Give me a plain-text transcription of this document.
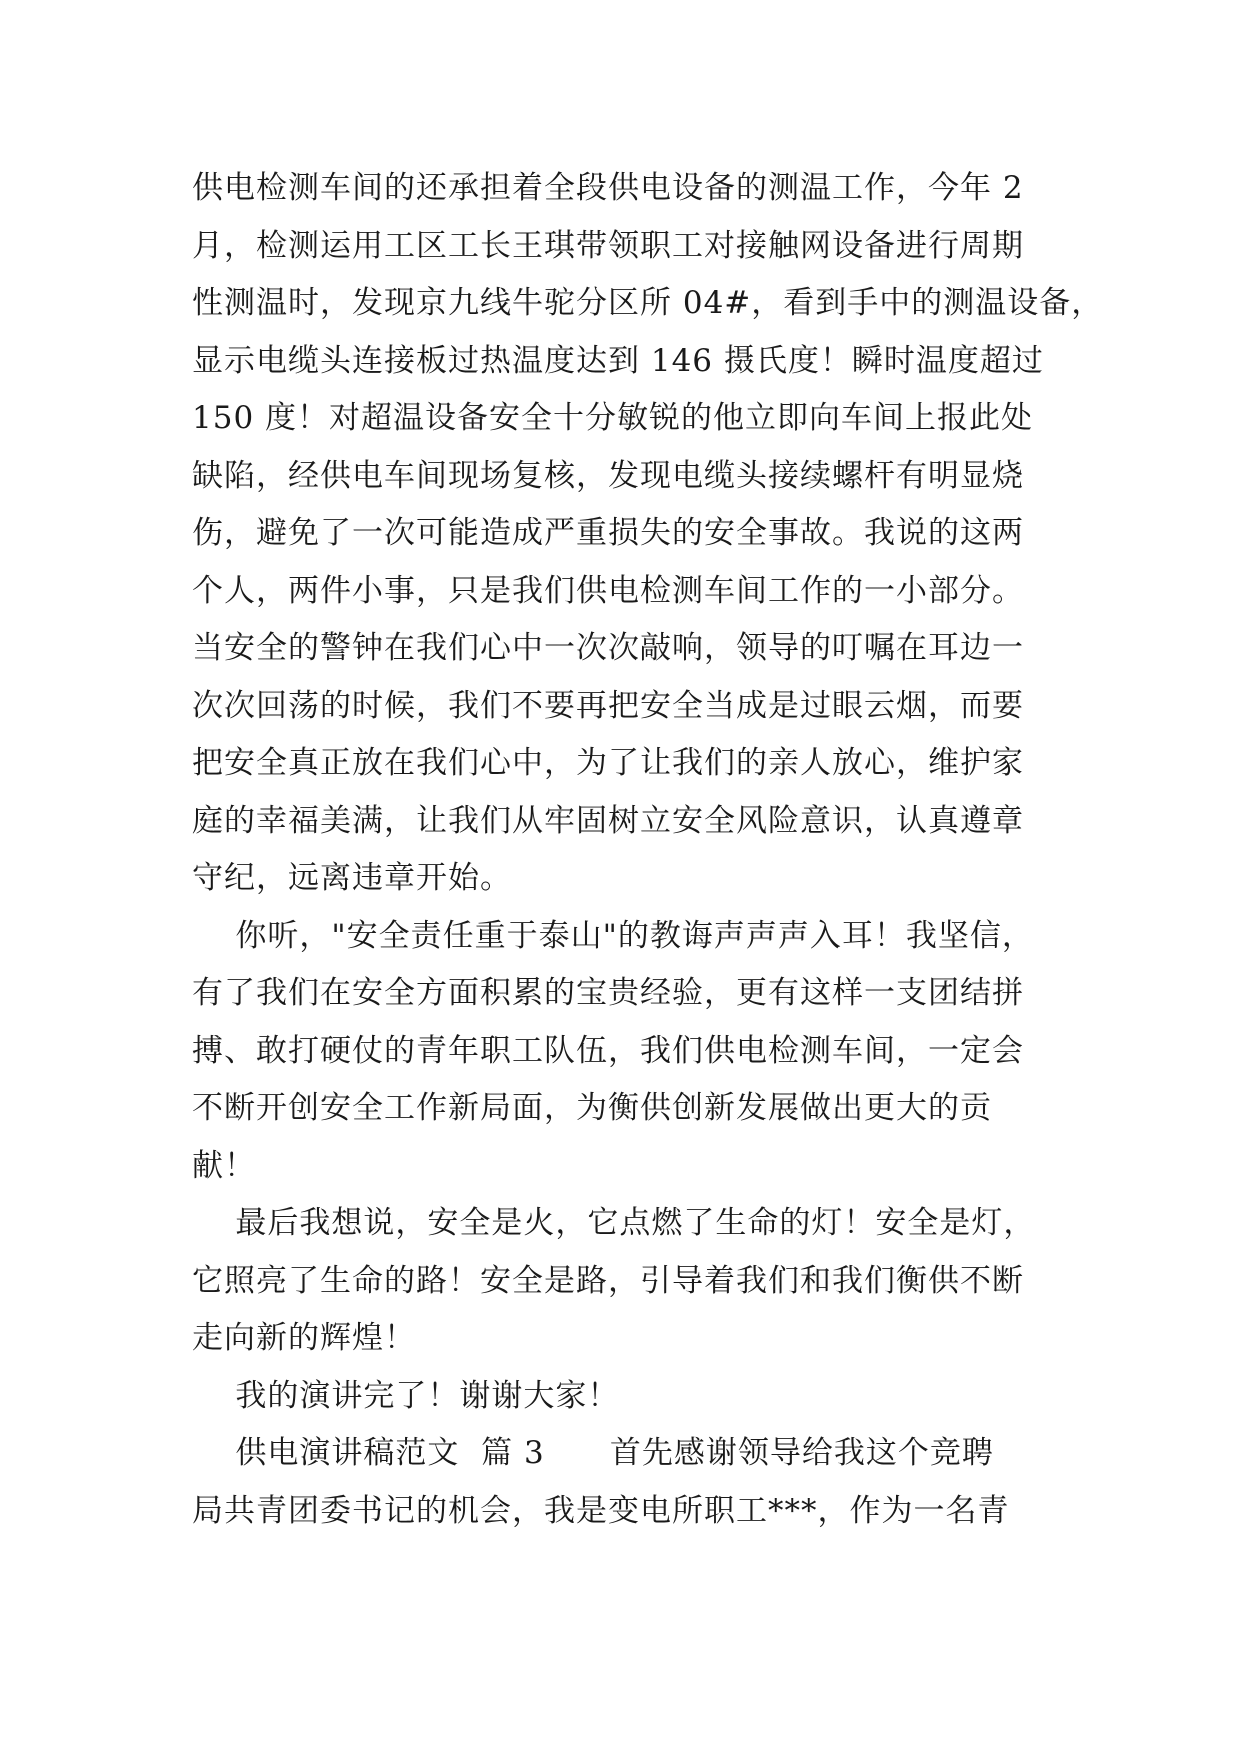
供电检测车间的还承担着全段供电设备的测温工作，今年 2

月，检测运用工区工长王琪带领职工对接触网设备进行周期

性测温时，发现京九线牛驼分区所 04#，看到手中的测温设备，

显示电缆头连接板过热温度达到 146 摄氏度！瞬时温度超过

150 度！对超温设备安全十分敏锐的他立即向车间上报此处

缺陷，经供电车间现场复核，发现电缆头接续螺杆有明显烧

伤，避免了一次可能造成严重损失的安全事故。我说的这两

个人，两件小事，只是我们供电检测车间工作的一小部分。

当安全的警钟在我们心中一次次敲响，领导的叮嘱在耳边一

次次回荡的时候，我们不要再把安全当成是过眼云烟，而要

把安全真正放在我们心中，为了让我们的亲人放心，维护家

庭的幸福美满，让我们从牢固树立安全风险意识，认真遵章

守纪，远离违章开始。

你听，"安全责任重于泰山"的教诲声声声入耳！我坚信，

有了我们在安全方面积累的宝贵经验，更有这样一支团结拼

搏、敢打硬仗的青年职工队伍，我们供电检测车间，一定会

不断开创安全工作新局面，为衡供创新发展做出更大的贡

献！

最后我想说，安全是火，它点燃了生命的灯！安全是灯，

它照亮了生命的路！安全是路，引导着我们和我们衡供不断

走向新的辉煌！

我的演讲完了！谢谢大家！

供电演讲稿范文  篇 3      首先感谢领导给我这个竞聘

局共青团委书记的机会，我是变电所职工***，作为一名青
